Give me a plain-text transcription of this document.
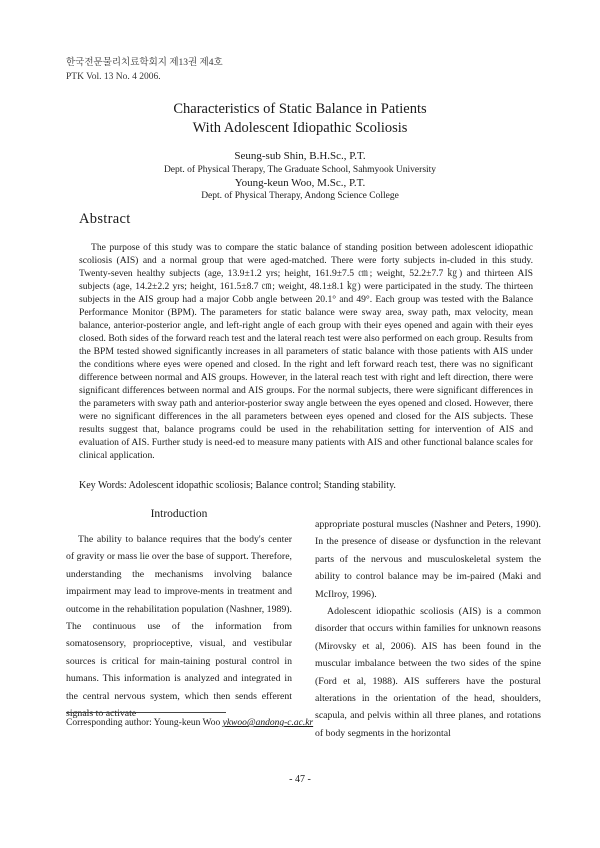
한국전문물리치료학회지 제13권 제4호
PTK Vol. 13 No. 4 2006.
Characteristics of Static Balance in Patients
With Adolescent Idiopathic Scoliosis
Seung-sub Shin, B.H.Sc., P.T.
Dept. of Physical Therapy, The Graduate School, Sahmyook University
Young-keun Woo, M.Sc., P.T.
Dept. of Physical Therapy, Andong Science College
Abstract
The purpose of this study was to compare the static balance of standing position between adolescent idiopathic scoliosis (AIS) and a normal group that were aged-matched. There were forty subjects in-cluded in this study. Twenty-seven healthy subjects (age, 13.9±1.2 yrs; height, 161.9±7.5 ㎝; weight, 52.2±7.7 ㎏) and thirteen AIS subjects (age, 14.2±2.2 yrs; height, 161.5±8.7 ㎝; weight, 48.1±8.1 ㎏) were participated in the study. The thirteen subjects in the AIS group had a major Cobb angle between 20.1° and 49°. Each group was tested with the Balance Performance Monitor (BPM). The parameters for static balance were sway area, sway path, max velocity, mean balance, anterior-posterior angle, and left-right angle of each group with their eyes opened and again with their eyes closed. Both sides of the forward reach test and the lateral reach test were also performed on each group. Results from the BPM tested showed significantly increases in all parameters of static balance with those patients with AIS under the conditions where eyes were opened and closed. In the right and left forward reach test, there was no significant difference between normal and AIS groups. However, in the lateral reach test with right and left direction, there were significant differences between normal and AIS groups. For the normal subjects, there were significant differences in the parameters with sway path and anterior-posterior sway angle between the eyes opened and closed. However, there were no significant differences in the all parameters between eyes opened and closed for the AIS subjects. These results suggest that, balance programs could be used in the rehabilitation setting for intervention of AIS and evaluation of AIS. Further study is need-ed to measure many patients with AIS and other functional balance scales for clinical application.
Key Words: Adolescent idopathic scoliosis; Balance control; Standing stability.
Introduction

The ability to balance requires that the body's center of gravity or mass lie over the base of support. Therefore, understanding the mechanisms involving balance impairment may lead to improve-ments in treatment and outcome in the rehabilitation population (Nashner, 1989). The continuous use of the information from somatosensory, proprioceptive, visual, and vestibular sources is critical for main-taining postural control in humans. This information is analyzed and integrated in the central nervous system, which then sends efferent signals to activate

appropriate postural muscles (Nashner and Peters, 1990). In the presence of disease or dysfunction in the relevant parts of the nervous and musculoskeletal system the ability to control balance may be im-paired (Maki and McIlroy, 1996).

Adolescent idiopathic scoliosis (AIS) is a common disorder that occurs within families for unknown reasons (Mirovsky et al, 2006). AIS has been found in the muscular imbalance between the two sides of the spine (Ford et al, 1988). AIS sufferers have the postural alterations in the orientation of the head, shoulders, scapula, and pelvis within all three planes, and rotations of body segments in the horizontal

Corresponding author: Young-keun Woo ykwoo@andong-c.ac.kr
- 47 -
